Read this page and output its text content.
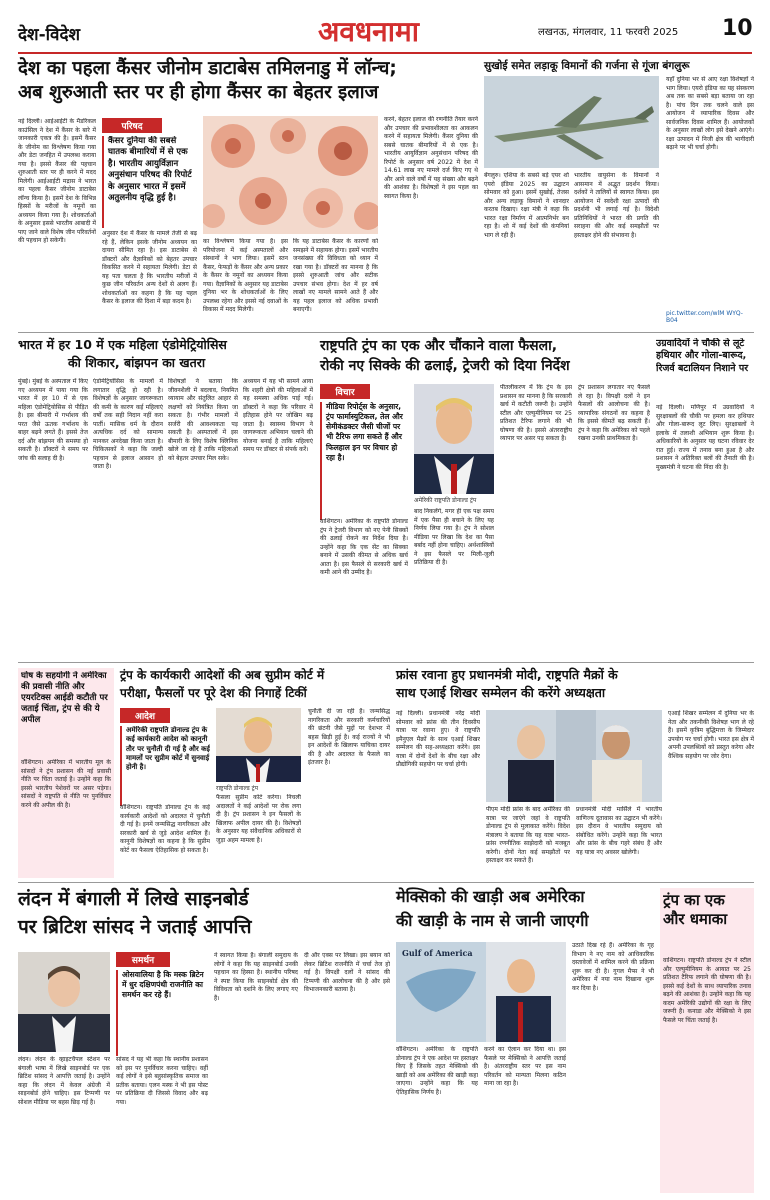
देश-विदेश	अवधनामा	लखनऊ, मंगलवार, 11 फरवरी 2025 10
देश का पहला कैंसर जीनोम डाटाबेस तमिलनाडु में लॉन्च;
अब शुरुआती स्तर पर ही होगा कैंसर का बेहतर इलाज
नई दिल्ली। आईआईटी के मैडरिकल काउंसिल ने देश में कैंसर के बारे में जानकारी एकत्र की है। इसमें कैंसर के जीनोम का विश्लेषण किया गया और डेटा जनहित में उपलब्ध कराया गया है। इससे कैंसर की पहचान शुरुआती स्तर पर ही करने में मदद मिलेगी। आईआईटी मद्रास ने भारत का पहला कैंसर जीनोम डाटाबेस लॉन्च किया है। इसमें देश के विभिन्न हिस्सों के मरीजों के नमूनों का अध्ययन किया गया है। शोधकर्ताओं के अनुसार इससे भारतीय आबादी में पाए जाने वाले विशेष जीन परिवर्तनों की पहचान हो सकेगी।
परिषद
कैंसर दुनिया की सबसे घातक बीमारियों में से एक है। भारतीय आयुर्विज्ञान अनुसंधान परिषद की रिपोर्ट के अनुसार भारत में इसमें अतुलनीय वृद्धि हुई है।
अनुसार देश में कैंसर के मामले तेजी से बढ़ रहे हैं, लेकिन इसके जीनोम अध्ययन का दायरा सीमित रहा है। इस डाटाबेस से डॉक्टरों और वैज्ञानिकों को बेहतर उपचार विकसित करने में सहायता मिलेगी। डेटा से यह पता चलता है कि भारतीय मरीजों में कुछ जीन परिवर्तन अन्य देशों से अलग हैं। शोधकर्ताओं का कहना है कि यह पहल कैंसर के इलाज की दिशा में बड़ा कदम है।
का विश्लेषण किया गया है। इस परियोजना में कई अस्पतालों और संस्थानों ने भाग लिया। इसमें स्तन कैंसर, फेफड़ों के कैंसर और अन्य प्रकार के कैंसर के नमूनों का अध्ययन किया गया। वैज्ञानिकों के अनुसार यह डाटाबेस दुनिया भर के शोधकर्ताओं के लिए उपलब्ध रहेगा और इससे नई दवाओं के विकास में मदद मिलेगी।
कि यह डाटाबेस कैंसर के कारणों को समझने में सहायक होगा। इसमें भारतीय जनसंख्या की विविधता को ध्यान में रखा गया है। डॉक्टरों का मानना है कि इससे शुरुआती जांच और सटीक उपचार संभव होगा। देश में हर वर्ष लाखों नए मामले सामने आते हैं और यह पहल इलाज को अधिक प्रभावी बनाएगी।
करने, बेहतर इलाज की रणनीति तैयार करने और उपचार की प्रभावशीलता का आकलन करने में सहायता मिलेगी। कैंसर दुनिया की सबसे घातक बीमारियों में से एक है। भारतीय आयुर्विज्ञान अनुसंधान परिषद की रिपोर्ट के अनुसार वर्ष 2022 में देश में 14.61 लाख नए मामले दर्ज किए गए थे और आने वाले वर्षों में यह संख्या और बढ़ने की आशंका है। विशेषज्ञों ने इस पहल का स्वागत किया है।
सुखोई समेत लड़ाकू विमानों की गर्जना से गूंजा बंगलुरू
बेंगलुरु। एशिया के सबसे बड़े एयर शो एयरो इंडिया 2025 का उद्घाटन सोमवार को हुआ। इसमें सुखोई, तेजस और अन्य लड़ाकू विमानों ने शानदार करतब दिखाए। रक्षा मंत्री ने कहा कि भारत रक्षा निर्माण में आत्मनिर्भर बन रहा है। शो में कई देशों की कंपनियां भाग ले रही हैं।
भारतीय वायुसेना के विमानों ने आसमान में अद्भुत प्रदर्शन किया। दर्शकों ने तालियों से स्वागत किया। इस आयोजन में स्वदेशी रक्षा उत्पादों की प्रदर्शनी भी लगाई गई है। विदेशी प्रतिनिधियों ने भारत की प्रगति की सराहना की और कई समझौतों पर हस्ताक्षर होने की संभावना है।
यहाँ दुनिया भर से आए रक्षा विशेषज्ञों ने भाग लिया। एयरो इंडिया का यह संस्करण अब तक का सबसे बड़ा बताया जा रहा है। पांच दिन तक चलने वाले इस आयोजन में व्यापारिक दिवस और सार्वजनिक दिवस शामिल हैं। आयोजकों के अनुसार लाखों लोग इसे देखने आएंगे। रक्षा उत्पादन में निजी क्षेत्र की भागीदारी बढ़ाने पर भी चर्चा होगी।
pic.twitter.com/wlM WYQ-B04
भारत में हर 10 में एक महिला एंडोमेट्रियोसिस
की शिकार, बांझपन का खतरा
मुंबई। मुंबई के अस्पताल में किए गए अध्ययन में पाया गया कि भारत में हर 10 में से एक महिला एंडोमेट्रियोसिस से पीड़ित है। इस बीमारी में गर्भाशय की परत जैसे ऊतक गर्भाशय के बाहर बढ़ने लगते हैं। इससे तेज दर्द और बांझपन की समस्या हो सकती है। डॉक्टरों ने समय पर जांच की सलाह दी है।
एंडोमेट्रियोसिस के मामलों में लगातार वृद्धि हो रही है। विशेषज्ञों के अनुसार जागरूकता की कमी के कारण कई महिलाएं वर्षों तक सही निदान नहीं करा पातीं। मासिक धर्म के दौरान अत्यधिक दर्द को सामान्य मानकर अनदेखा किया जाता है। चिकित्सकों ने कहा कि जल्दी पहचान से इलाज आसान हो जाता है।
विशेषज्ञों ने बताया कि जीवनशैली में बदलाव, नियमित व्यायाम और संतुलित आहार से लक्षणों को नियंत्रित किया जा सकता है। गंभीर मामलों में सर्जरी की आवश्यकता पड़ सकती है। अस्पतालों में इस बीमारी के लिए विशेष क्लिनिक खोले जा रहे हैं ताकि महिलाओं को बेहतर उपचार मिल सके।
अध्ययन में यह भी सामने आया कि शहरी क्षेत्रों की महिलाओं में यह समस्या अधिक पाई गई। डॉक्टरों ने कहा कि परिवार में इतिहास होने पर जोखिम बढ़ जाता है। स्वास्थ्य विभाग ने जागरूकता अभियान चलाने की योजना बनाई है ताकि महिलाएं समय पर डॉक्टर से संपर्क करें।
राष्ट्रपति ट्रंप का एक और चौंकाने वाला फैसला,
रोकी नए सिक्के की ढलाई, ट्रेजरी को दिया निर्देश
विचार
मीडिया रिपोर्ट्स के अनुसार, ट्रंप फार्मास्युटिकल, तेल और सेमीकंडक्टर जैसी चीजों पर भी टैरिफ लगा सकते हैं और फिलहाल इन पर विचार हो रहा है।
वाशिंगटन। अमेरिका के राष्ट्रपति डोनाल्ड ट्रंप ने ट्रेजरी विभाग को नए पेनी सिक्कों की ढलाई रोकने का निर्देश दिया है। उन्होंने कहा कि एक सेंट का सिक्का बनाने में उसकी कीमत से अधिक खर्च आता है। इस फैसले से सरकारी खर्च में कमी आने की उम्मीद है।
अमेरिकी राष्ट्रपति डोनाल्ड ट्रंप
बाद निकलेंगे, मगर ही एक पक्ष समय में एक पैसा ही बचाने के लिए यह निर्णय लिया गया है। ट्रंप ने सोशल मीडिया पर लिखा कि देश का पैसा बर्बाद नहीं होना चाहिए। अर्थशास्त्रियों ने इस फैसले पर मिली-जुली प्रतिक्रिया दी है।
पीतलीकरण में कि ट्रंप के इस प्रशासन का मानना है कि सरकारी खर्च में कटौती जरूरी है। उन्होंने स्टील और एल्युमीनियम पर 25 प्रतिशत टैरिफ लगाने की भी घोषणा की है। इससे अंतरराष्ट्रीय व्यापार पर असर पड़ सकता है।
ट्रंप प्रशासन लगातार नए फैसले ले रहा है। विपक्षी दलों ने इन फैसलों की आलोचना की है। व्यापारिक संगठनों का कहना है कि इससे कीमतें बढ़ सकती हैं। ट्रंप ने कहा कि अमेरिका को पहले रखना उनकी प्राथमिकता है।
उग्रवादियों ने चौकी से लूटे हथियार और गोला-बारूद, रिजर्व बटालियन निशाने पर
नई दिल्ली। मणिपुर में उग्रवादियों ने सुरक्षाबलों की चौकी पर हमला कर हथियार और गोला-बारूद लूट लिए। सुरक्षाबलों ने इलाके में तलाशी अभियान शुरू किया है। अधिकारियों के अनुसार यह घटना रविवार देर रात हुई। राज्य में तनाव बना हुआ है और प्रशासन ने अतिरिक्त बलों की तैनाती की है। मुख्यमंत्री ने घटना की निंदा की है।
घोष के सहयोगी ने अमेरिका की प्रवासी नीति और एयरटिक्स आईडी कटौती पर जताई चिंता, ट्रंप से की ये अपील
वॉशिंगटन। अमेरिका में भारतीय मूल के सांसदों ने ट्रंप प्रशासन की नई प्रवासी नीति पर चिंता जताई है। उन्होंने कहा कि इससे भारतीय पेशेवरों पर असर पड़ेगा। सांसदों ने राष्ट्रपति से नीति पर पुनर्विचार करने की अपील की है।
ट्रंप के कार्यकारी आदेशों की अब सुप्रीम कोर्ट में
परीक्षा, फैसलों पर पूरे देश की निगाहें टिकीं
आदेश
अमेरिकी राष्ट्रपति डोनाल्ड ट्रंप के कई कार्यकारी आदेश को कानूनी तौर पर चुनौती दी गई है और कई मामलों पर सुप्रीम कोर्ट में सुनवाई होनी है।
वॉशिंगटन। राष्ट्रपति डोनाल्ड ट्रंप के कई कार्यकारी आदेशों को अदालत में चुनौती दी गई है। इनमें जन्मसिद्ध नागरिकता और सरकारी खर्च से जुड़े आदेश शामिल हैं। कानूनी विशेषज्ञों का कहना है कि सुप्रीम कोर्ट का फैसला ऐतिहासिक हो सकता है।
राष्ट्रपति डोनाल्ड ट्रंप
फैसला सुप्रीम कोर्ट करेगा। निचली अदालतों ने कई आदेशों पर रोक लगा दी है। ट्रंप प्रशासन ने इन फैसलों के खिलाफ अपील दायर की है। विशेषज्ञों के अनुसार यह संवैधानिक अधिकारों से जुड़ा अहम मामला है।
चुनौती दी जा रही है। जन्मसिद्ध नागरिकता और सरकारी कर्मचारियों की छंटनी जैसे मुद्दों पर देशभर में बहस छिड़ी हुई है। कई राज्यों ने भी इन आदेशों के खिलाफ याचिका दायर की है और अदालत के फैसले का इंतजार है।
फ्रांस रवाना हुए प्रधानमंत्री मोदी, राष्ट्रपति मैक्रों के
साथ एआई शिखर सम्मेलन की करेंगे अध्यक्षता
नई दिल्ली। प्रधानमंत्री नरेंद्र मोदी सोमवार को फ्रांस की तीन दिवसीय यात्रा पर रवाना हुए। वे राष्ट्रपति इमैनुएल मैक्रों के साथ एआई शिखर सम्मेलन की सह-अध्यक्षता करेंगे। इस यात्रा में दोनों देशों के बीच रक्षा और प्रौद्योगिकी सहयोग पर चर्चा होगी।
पीएम मोदी फ्रांस के बाद अमेरिका की यात्रा पर जाएंगे जहां वे राष्ट्रपति डोनाल्ड ट्रंप से मुलाकात करेंगे। विदेश मंत्रालय ने बताया कि यह यात्रा भारत-फ्रांस रणनीतिक साझेदारी को मजबूत करेगी। दोनों नेता कई समझौतों पर हस्ताक्षर कर सकते हैं।
प्रधानमंत्री मोदी मार्सिले में भारतीय वाणिज्य दूतावास का उद्घाटन भी करेंगे। इस दौरान वे भारतीय समुदाय को संबोधित करेंगे। उन्होंने कहा कि भारत और फ्रांस के बीच गहरे संबंध हैं और यह यात्रा नए अवसर खोलेगी।
एआई शिखर सम्मेलन में दुनिया भर के नेता और तकनीकी विशेषज्ञ भाग ले रहे हैं। इसमें कृत्रिम बुद्धिमत्ता के जिम्मेदार उपयोग पर चर्चा होगी। भारत इस क्षेत्र में अपनी उपलब्धियों को प्रस्तुत करेगा और वैश्विक सहयोग पर जोर देगा।
लंदन में बंगाली में लिखे साइनबोर्ड
पर ब्रिटिश सांसद ने जताई आपत्ति
समर्थन
ओसवालिया है कि मस्क ब्रिटेन में धुर दक्षिणपंथी राजनीति का समर्थन कर रहे हैं।
लंदन। लंदन के व्हाइटचैपल स्टेशन पर बंगाली भाषा में लिखे साइनबोर्ड पर एक ब्रिटिश सांसद ने आपत्ति जताई है। उन्होंने कहा कि लंदन में केवल अंग्रेजी में साइनबोर्ड होने चाहिए। इस टिप्पणी पर सोशल मीडिया पर बहस छिड़ गई है।
सांसद ने यह भी कहा कि स्थानीय प्रशासन को इस पर पुनर्विचार करना चाहिए। वहीं कई लोगों ने इसे बहुसांस्कृतिक समाज का प्रतीक बताया। एलन मस्क ने भी इस पोस्ट पर प्रतिक्रिया दी जिससे विवाद और बढ़ गया।
ने स्वागत किया है। बंगाली समुदाय के लोगों ने कहा कि यह साइनबोर्ड उनकी पहचान का हिस्सा है। स्थानीय परिषद ने स्पष्ट किया कि साइनबोर्ड क्षेत्र की विविधता को दर्शाने के लिए लगाए गए हैं।
दी और एक्स पर लिखा। इस बयान को लेकर ब्रिटिश राजनीति में चर्चा तेज हो गई है। विपक्षी दलों ने सांसद की टिप्पणी की आलोचना की है और इसे विभाजनकारी बताया है।
मेक्सिको की खाड़ी अब अमेरिका
की खाड़ी के नाम से जानी जाएगी
Gulf of America
वॉशिंगटन। अमेरिका के राष्ट्रपति डोनाल्ड ट्रंप ने एक आदेश पर हस्ताक्षर किए हैं जिसके तहत मेक्सिको की खाड़ी को अब अमेरिका की खाड़ी कहा जाएगा। उन्होंने कहा कि यह ऐतिहासिक निर्णय है।
करने का ऐलान कर दिया था। इस फैसले पर मेक्सिको ने आपत्ति जताई है। अंतरराष्ट्रीय स्तर पर इस नाम परिवर्तन को मान्यता मिलना कठिन माना जा रहा है।
उठाते दिख रहे हैं। अमेरिका के गृह विभाग ने नए नाम को आधिकारिक दस्तावेजों में शामिल करने की प्रक्रिया शुरू कर दी है। गूगल मैप्स ने भी अमेरिका में नया नाम दिखाना शुरू कर दिया है।
ट्रंप का एक और धमाका
वाशिंगटन। राष्ट्रपति डोनाल्ड ट्रंप ने स्टील और एल्युमीनियम के आयात पर 25 प्रतिशत टैरिफ लगाने की घोषणा की है। इससे कई देशों के साथ व्यापारिक तनाव बढ़ने की आशंका है। उन्होंने कहा कि यह कदम अमेरिकी उद्योगों की रक्षा के लिए जरूरी है। कनाडा और मेक्सिको ने इस फैसले पर चिंता जताई है।
